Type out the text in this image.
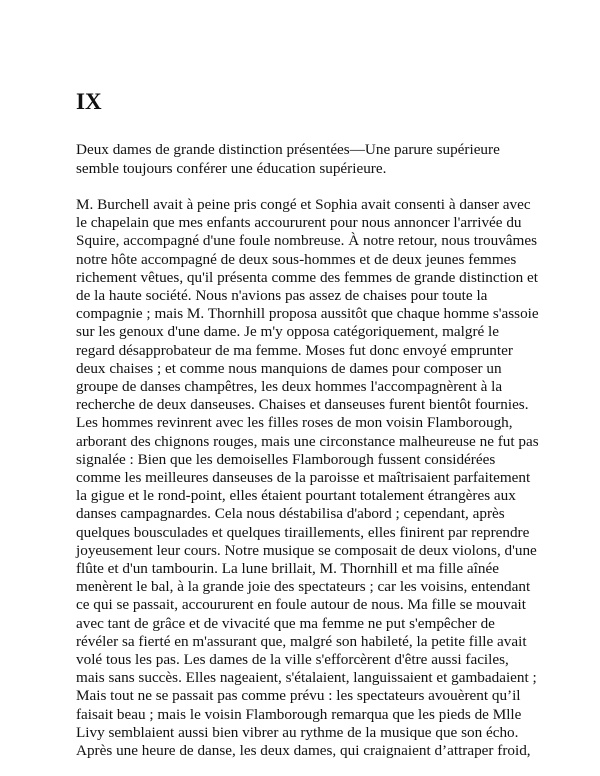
IX

Deux dames de grande distinction présentées—Une parure supérieure
semble toujours conférer une éducation supérieure.

M. Burchell avait à peine pris congé et Sophia avait consenti à danser avec
le chapelain que mes enfants accoururent pour nous annoncer l'arrivée du
Squire, accompagné d'une foule nombreuse. À notre retour, nous trouvâmes
notre hôte accompagné de deux sous-hommes et de deux jeunes femmes
richement vêtues, qu'il présenta comme des femmes de grande distinction et
de la haute société. Nous n'avions pas assez de chaises pour toute la
compagnie ; mais M. Thornhill proposa aussitôt que chaque homme s'assoie
sur les genoux d'une dame. Je m'y opposa catégoriquement, malgré le
regard désapprobateur de ma femme. Moses fut donc envoyé emprunter
deux chaises ; et comme nous manquions de dames pour composer un
groupe de danses champêtres, les deux hommes l'accompagnèrent à la
recherche de deux danseuses. Chaises et danseuses furent bientôt fournies.
Les hommes revinrent avec les filles roses de mon voisin Flamborough,
arborant des chignons rouges, mais une circonstance malheureuse ne fut pas
signalée : Bien que les demoiselles Flamborough fussent considérées
comme les meilleures danseuses de la paroisse et maîtrisaient parfaitement
la gigue et le rond-point, elles étaient pourtant totalement étrangères aux
danses campagnardes. Cela nous déstabilisa d'abord ; cependant, après
quelques bousculades et quelques tiraillements, elles finirent par reprendre
joyeusement leur cours. Notre musique se composait de deux violons, d'une
flûte et d'un tambourin. La lune brillait, M. Thornhill et ma fille aînée
menèrent le bal, à la grande joie des spectateurs ; car les voisins, entendant
ce qui se passait, accoururent en foule autour de nous. Ma fille se mouvait
avec tant de grâce et de vivacité que ma femme ne put s'empêcher de
révéler sa fierté en m'assurant que, malgré son habileté, la petite fille avait
volé tous les pas. Les dames de la ville s'efforcèrent d'être aussi faciles,
mais sans succès. Elles nageaient, s'étalaient, languissaient et gambadaient ;
Mais tout ne se passait pas comme prévu : les spectateurs avouèrent qu’il
faisait beau ; mais le voisin Flamborough remarqua que les pieds de Mlle
Livy semblaient aussi bien vibrer au rythme de la musique que son écho.
Après une heure de danse, les deux dames, qui craignaient d’attraper froid,
